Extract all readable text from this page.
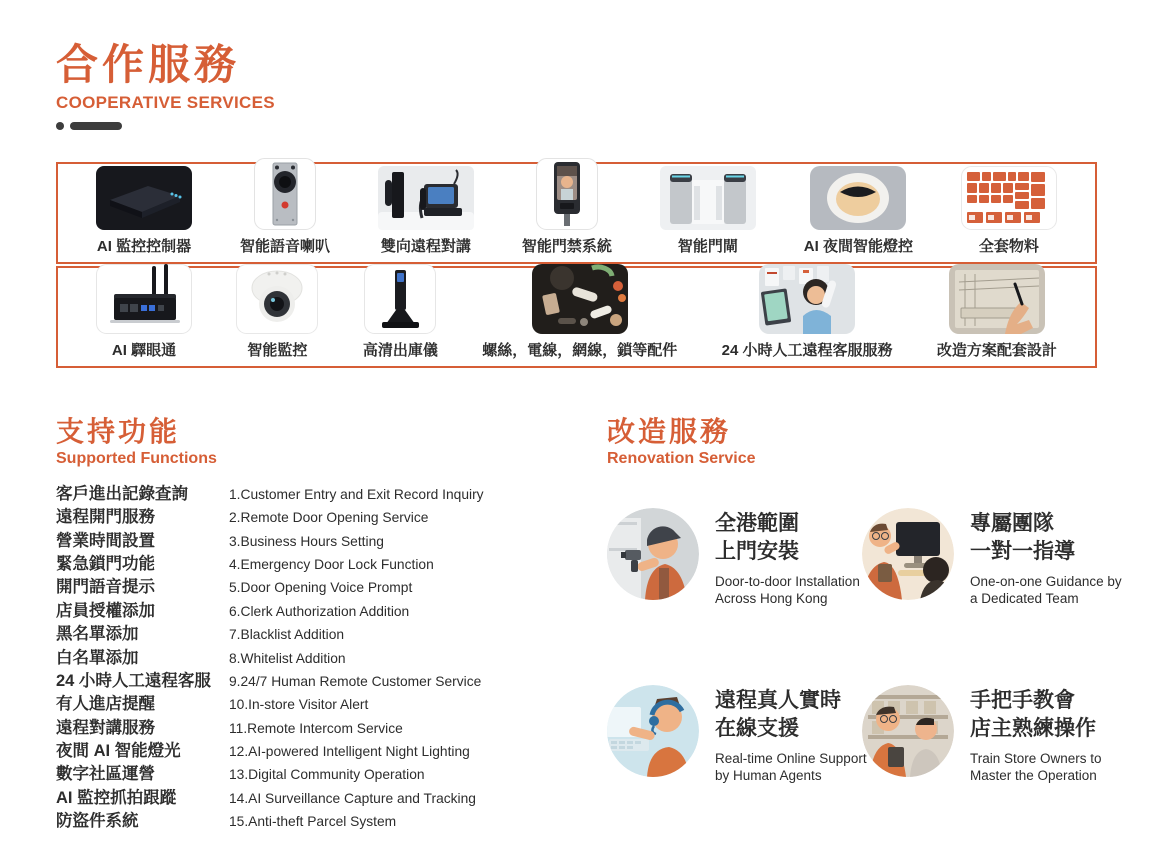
合作服務
COOPERATIVE SERVICES
AI 監控控制器	智能語音喇叭	雙向遠程對講	智能門禁系統	智能門閘	AI 夜間智能燈控	全套物料
AI 驛眼通	智能監控	高清出庫儀	螺絲，電線，網線，鎖等配件	24 小時人工遠程客服服務	改造方案配套設計
支持功能
Supported Functions
客戶進出記錄查詢	1.Customer Entry and Exit Record Inquiry
遠程開門服務	2.Remote Door Opening Service
營業時間設置	3.Business Hours Setting
緊急鎖門功能	4.Emergency Door Lock Function
開門語音提示	5.Door Opening Voice Prompt
店員授權添加	6.Clerk Authorization Addition
黑名單添加	7.Blacklist Addition
白名單添加	8.Whitelist Addition
24 小時人工遠程客服	9.24/7 Human Remote Customer Service
有人進店提醒	10.In-store Visitor Alert
遠程對講服務	11.Remote Intercom Service
夜間 AI 智能燈光	12.AI-powered Intelligent Night Lighting
數字社區運營	13.Digital Community Operation
AI 監控抓拍跟蹤	14.AI Surveillance Capture and Tracking
防盜件系統	15.Anti-theft Parcel System
改造服務
Renovation Service
全港範圍
上門安裝
Door-to-door Installation
Across Hong Kong
專屬團隊
一對一指導
One-on-one Guidance by
a Dedicated Team
遠程真人實時
在線支援
Real-time Online Support
by Human Agents
手把手教會
店主熟練操作
Train Store Owners to
Master the Operation
